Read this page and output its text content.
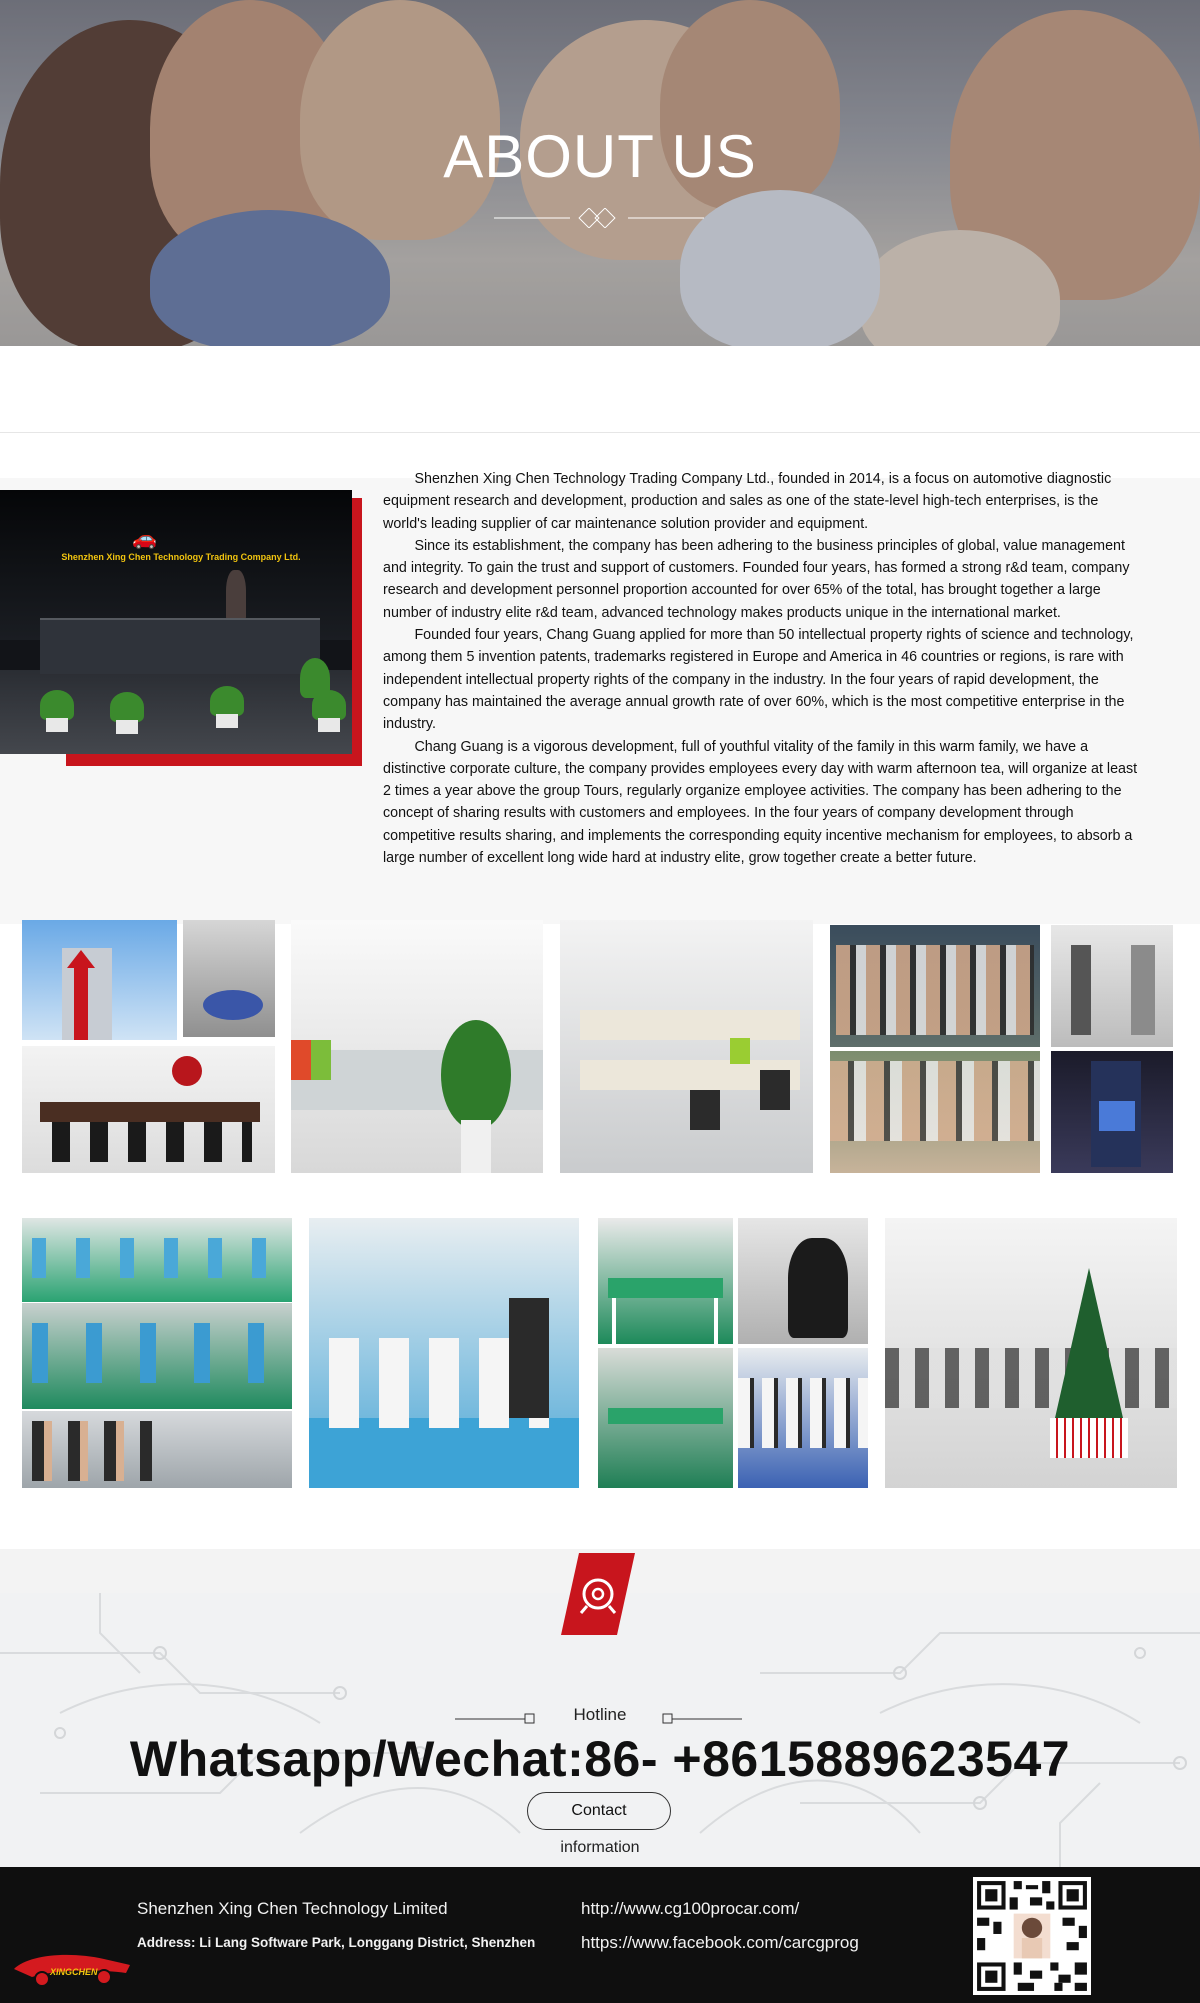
ABOUT US
🚗
Shenzhen Xing Chen Technology Trading Company Ltd.

Shenzhen Xing Chen Technology Trading Company Ltd., founded in 2014, is a focus on automotive diagnostic equipment research and development, production and sales as one of the state-level high-tech enterprises, is the world's leading supplier of car maintenance solution provider and equipment.

Since its establishment, the company has been adhering to the business principles of global, value management and integrity. To gain the trust and support of customers. Founded four years, has formed a strong r&d team, company research and development personnel proportion accounted for over 65% of the total, has brought together a large number of industry elite r&d team, advanced technology makes products unique in the international market.

Founded four years, Chang Guang applied for more than 50 intellectual property rights of science and technology, among them 5 invention patents, trademarks registered in Europe and America in 46 countries or regions, is rare with independent intellectual property rights of the company in the industry. In the four years of rapid development, the company has maintained the average annual growth rate of over 60%, which is the most competitive enterprise in the industry.

Chang Guang is a vigorous development, full of youthful vitality of the family in this warm family, we have a distinctive corporate culture, the company provides employees every day with warm afternoon tea, will organize at least 2 times a year above the group Tours, regularly organize employee activities. The company has been adhering to the concept of sharing results with customers and employees. In the four years of company development through competitive results sharing, and implements the corresponding equity incentive mechanism for employees, to absorb a large number of excellent long wide hard at industry elite, grow together create a better future.

Hotline
Whatsapp/Wechat:86- +8615889623547
Contact
information
XINGCHEN
Shenzhen Xing Chen Technology Limited
Address: Li Lang Software Park, Longgang District, Shenzhen
http://www.cg100procar.com/
https://www.facebook.com/carcgprog
